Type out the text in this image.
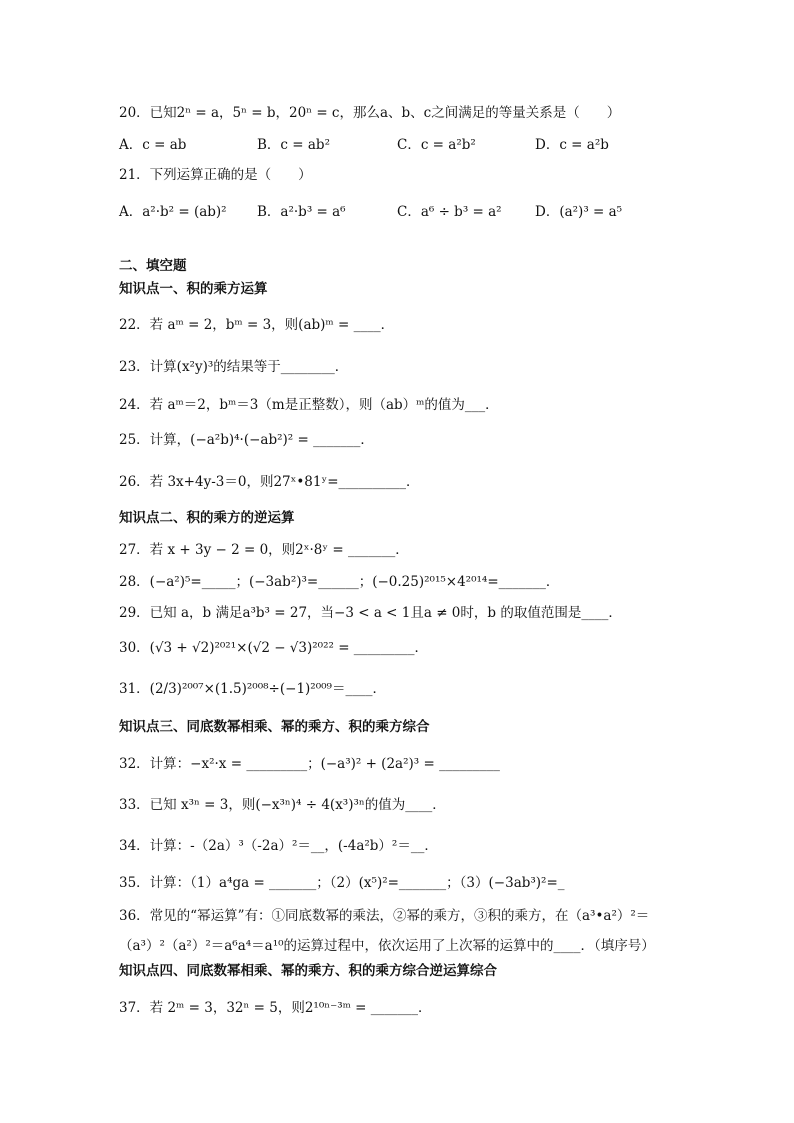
20．已知2ⁿ = a，5ⁿ = b，20ⁿ = c，那么a、b、c之间满足的等量关系是（　　）
A．c = ab	B．c = ab²	C．c = a²b²	D．c = a²b
21．下列运算正确的是（　　）
A．a²·b² = (ab)² B．a²·b³ = a⁶	C．a⁶ ÷ b³ = a² D．(a²)³ = a⁵
二、填空题
知识点一、积的乘方运算
22．若 aᵐ = 2，bᵐ = 3，则(ab)ᵐ = ____．
23．计算(x²y)³的结果等于________．
24．若 aᵐ＝2，bᵐ＝3（m是正整数），则（ab）ᵐ的值为___．
25．计算，(−a²b)⁴·(−ab²)² = _______．
26．若 3x+4y-3＝0，则27ˣ•81ʸ=__________．
知识点二、积的乘方的逆运算
27．若 x + 3y − 2 = 0，则2ˣ·8ʸ = _______．
28．(−a²)⁵=_____；(−3ab²)³=______；(−0.25)²⁰¹⁵×4²⁰¹⁴=_______．
29．已知 a，b 满足a³b³ = 27，当−3 < a < 1且a ≠ 0时，b 的取值范围是____．
30．(√3 + √2)²⁰²¹×(√2 − √3)²⁰²² = _________．
31．(2/3)²⁰⁰⁷×(1.5)²⁰⁰⁸÷(−1)²⁰⁰⁹＝____．
知识点三、同底数幂相乘、幂的乘方、积的乘方综合
32．计算：−x²·x = _________；(−a³)² + (2a²)³ = _________
33．已知 x³ⁿ = 3，则(−x³ⁿ)⁴ ÷ 4(x³)³ⁿ的值为____．
34．计算：-（2a）³（-2a）²＝__，(-4a²b）²＝__．
35．计算：（1）a⁴ga = _______；（2）(x⁵)²=_______；（3）(−3ab³)²=_
36．常见的“幂运算”有：①同底数幂的乘法，②幂的乘方，③积的乘方，在（a³•a²）²＝
（a³）²（a²）²＝a⁶a⁴＝a¹⁰的运算过程中，依次运用了上次幂的运算中的____．（填序号）
知识点四、同底数幂相乘、幂的乘方、积的乘方综合逆运算综合
37．若 2ᵐ = 3，32ⁿ = 5，则2¹⁰ⁿ⁻³ᵐ = _______．
